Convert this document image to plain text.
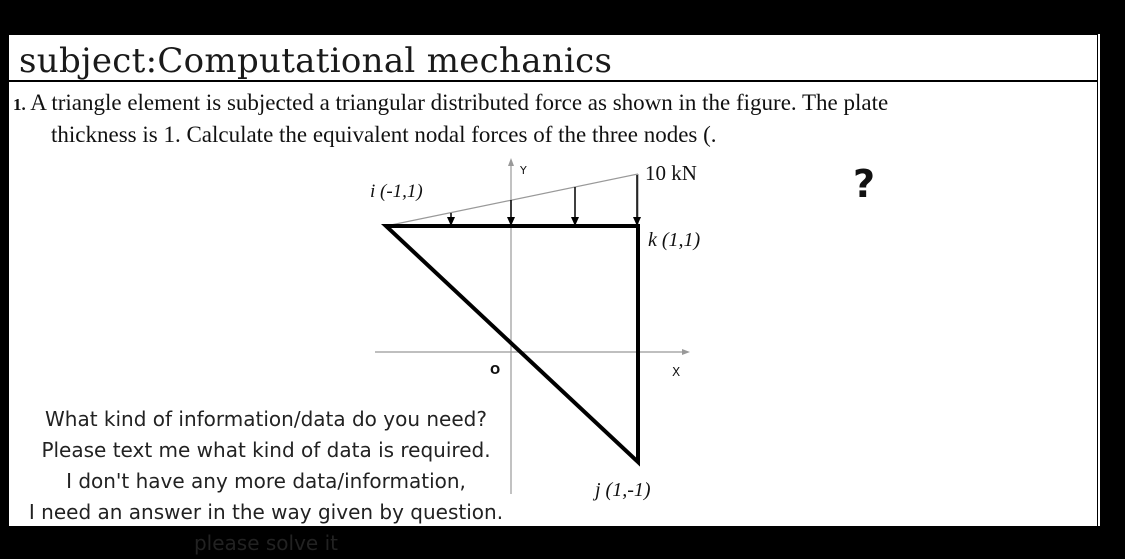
subject:Computational mechanics
1. A triangle element is subjected a triangular distributed force as shown in the figure. The plate
thickness is 1. Calculate the equivalent nodal forces of the three nodes (.
?
10 kN
i (-1,1)
k (1,1)
j (1,-1)
X
Y
O
What kind of information/data do you need?
Please text me what kind of data is required.
I don't have any more data/information,
I need an answer in the way given by question.
please solve it
